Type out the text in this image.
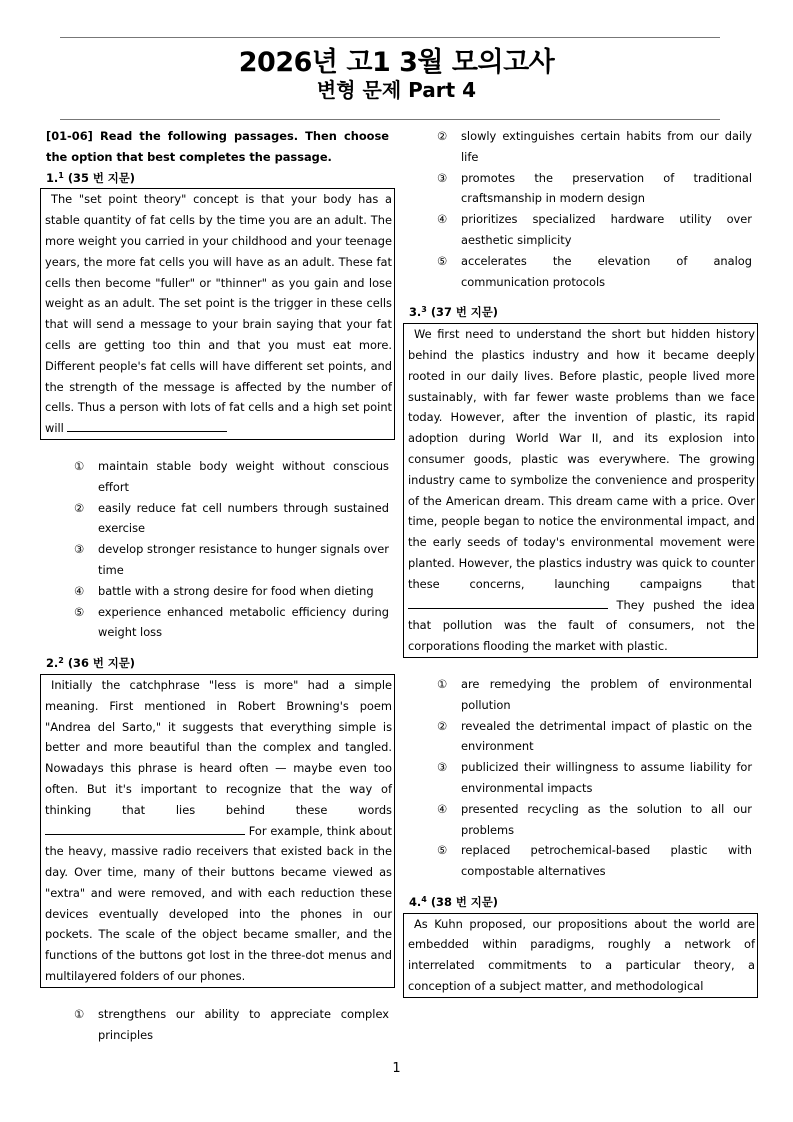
2026년 고1 3월 모의고사
변형 문제 Part 4
[01-06] Read the following passages. Then choose the option that best completes the passage.
1.$^1$ (35 번 지문)
The "set point theory" concept is that your body has a stable quantity of fat cells by the time you are an adult. The more weight you carried in your childhood and your teenage years, the more fat cells you will have as an adult. These fat cells then become "fuller" or "thinner" as you gain and lose weight as an adult. The set point is the trigger in these cells that will send a message to your brain saying that your fat cells are getting too thin and that you must eat more. Different people's fat cells will have different set points, and the strength of the message is affected by the number of cells. Thus a person with lots of fat cells and a high set point will
①	maintain stable body weight without conscious effort
②	easily reduce fat cell numbers through sustained exercise
③	develop stronger resistance to hunger signals over time
④	battle with a strong desire for food when dieting
⑤	experience enhanced metabolic efficiency during weight loss
2.$^2$ (36 번 지문)
Initially the catchphrase "less is more" had a simple meaning. First mentioned in Robert Browning's poem "Andrea del Sarto," it suggests that everything simple is better and more beautiful than the complex and tangled. Nowadays this phrase is heard often — maybe even too often. But it's important to recognize that the way of thinking that lies behind these words  For example, think about the heavy, massive radio receivers that existed back in the day. Over time, many of their buttons became viewed as "extra" and were removed, and with each reduction these devices eventually developed into the phones in our pockets. The scale of the object became smaller, and the functions of the buttons got lost in the three-dot menus and multilayered folders of our phones.
①	strengthens our ability to appreciate complex principles
②	slowly extinguishes certain habits from our daily life
③	promotes the preservation of traditional craftsmanship in modern design
④	prioritizes specialized hardware utility over aesthetic simplicity
⑤	accelerates the elevation of analog communication protocols
3.$^3$ (37 번 지문)
We first need to understand the short but hidden history behind the plastics industry and how it became deeply rooted in our daily lives. Before plastic, people lived more sustainably, with far fewer waste problems than we face today. However, after the invention of plastic, its rapid adoption during World War II, and its explosion into consumer goods, plastic was everywhere. The growing industry came to symbolize the convenience and prosperity of the American dream. This dream came with a price. Over time, people began to notice the environmental impact, and the early seeds of today's environmental movement were planted. However, the plastics industry was quick to counter these concerns, launching campaigns that  They pushed the idea that pollution was the fault of consumers, not the corporations flooding the market with plastic.
①	are remedying the problem of environmental pollution
②	revealed the detrimental impact of plastic on the environment
③	publicized their willingness to assume liability for environmental impacts
④	presented recycling as the solution to all our problems
⑤	replaced petrochemical-based plastic with compostable alternatives
4.$^4$ (38 번 지문)
As Kuhn proposed, our propositions about the world are embedded within paradigms, roughly a network of interrelated commitments to a particular theory, a conception of a subject matter, and methodological
1
